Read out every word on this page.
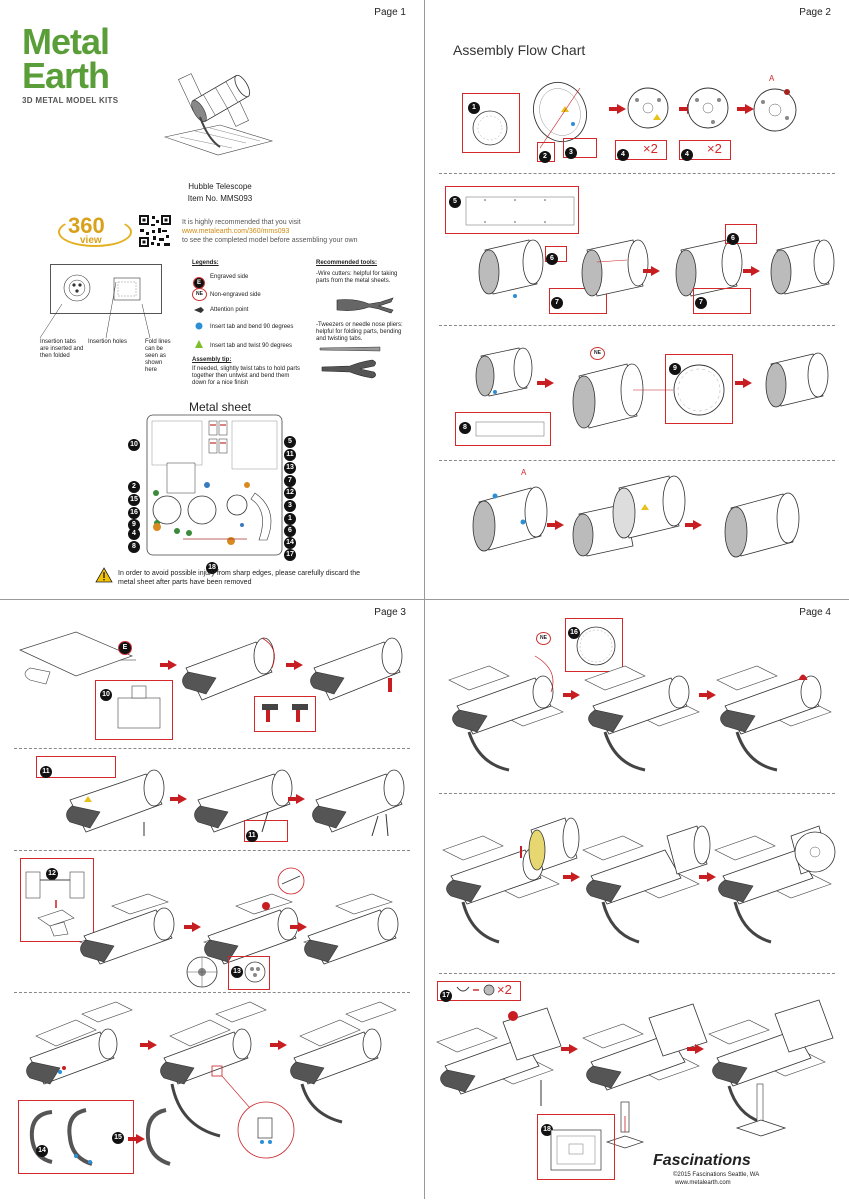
Page 1
Metal
Earth
3D METAL MODEL KITS
Hubble Telescope
Item No. MMS093
360
view
It is highly recommended that you visit
www.metalearth.com/360/mms093
to see the completed model before assembling your own
Insertion tabs are inserted and then folded
Insertion holes	Fold lines can be seen as shown here
Legends:
E
Engraved side
NE	Non-engraved side
Attention point
Insert tab and bend 90 degrees
Insert tab and twist 90 degrees
Assembly tip:
If needed, slightly twist tabs to hold parts together then untwist and bend them down for a nice finish
Recommended tools:
-Wire cutters: helpful for taking parts from the metal sheets.
-Tweezers or needle nose pliers: helpful for folding parts, bending and twisting tabs.
Metal sheet
10
2
15
16
9
4
8
5
11
13
7
12
3
1
6
14
17
18
In order to avoid possible injury from sharp edges, please carefully discard the metal sheet after parts have been removed
Page 2
Assembly Flow Chart
1
2
3	4	×2	4	×2
A
5
6
7
6
7
8
NE
9
A
Page 3
E
10
11
11
12
13
14
15
Page 4
NE
16
17	×2
18
Fascinations
©2015 Fascinations Seattle, WA
www.metalearth.com
